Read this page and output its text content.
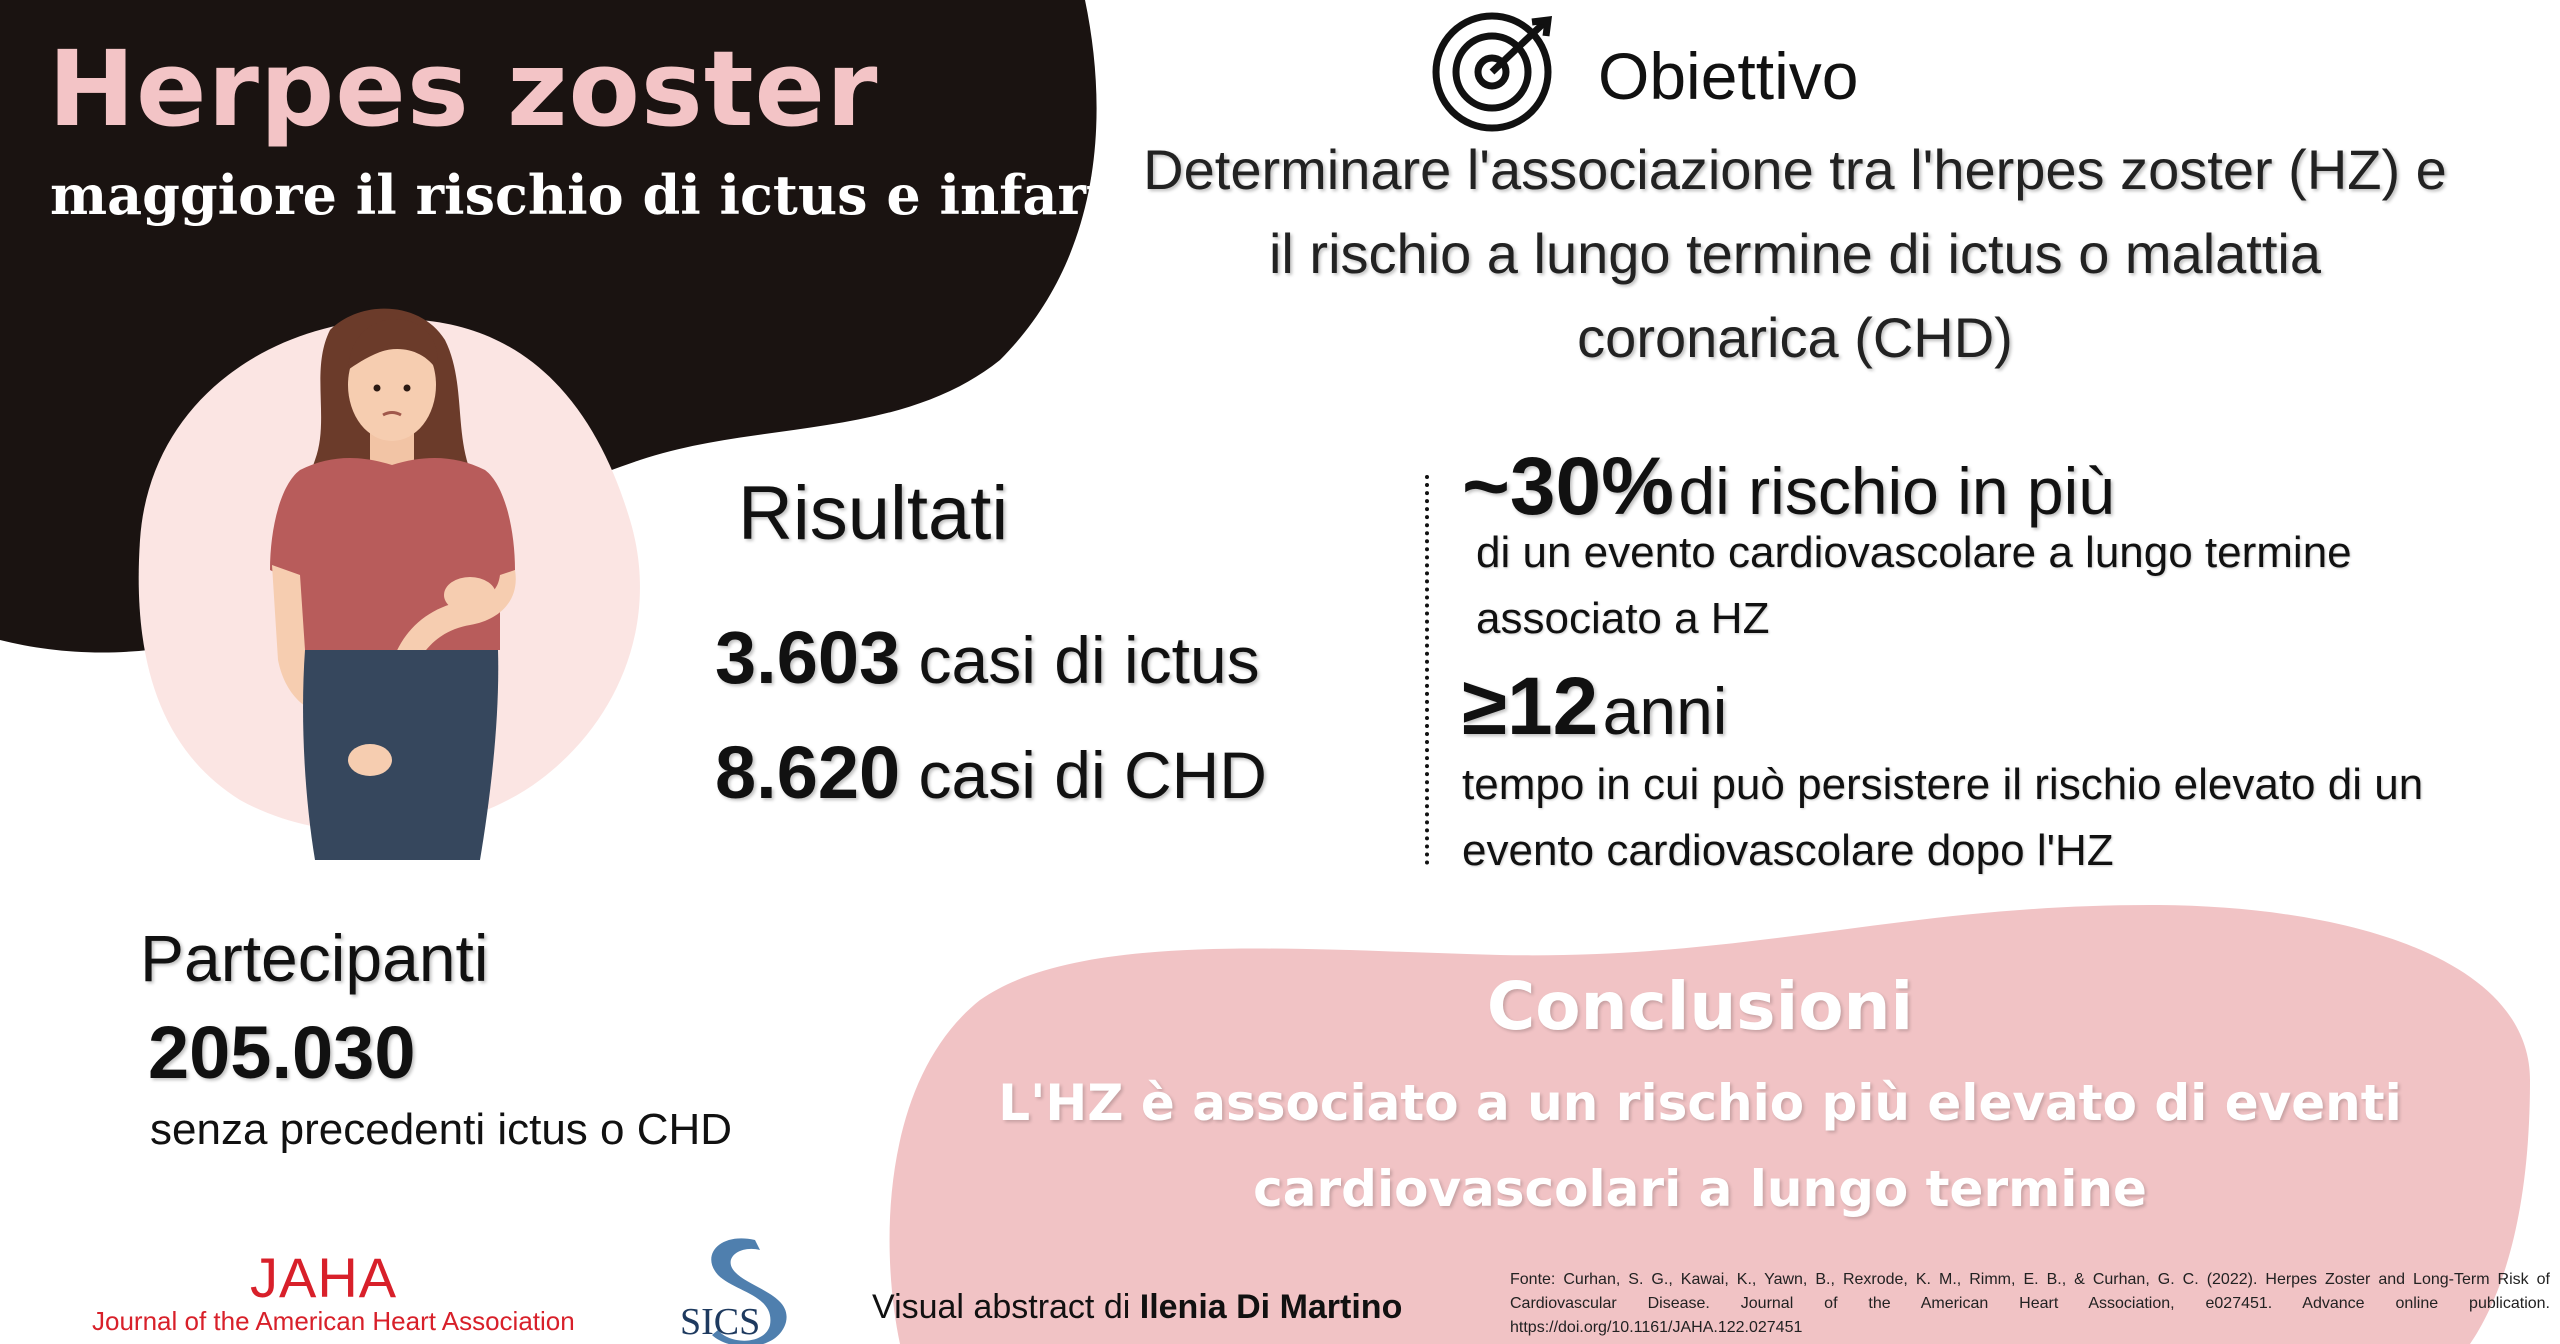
Herpes zoster
maggiore il rischio di ictus e infarto
Obiettivo
Determinare l'associazione tra l'herpes zoster (HZ) e il rischio a lungo termine di ictus o malattia coronarica (CHD)
Risultati
3.603 casi di ictus
8.620 casi di CHD
~30% di rischio in più
di un evento cardiovascolare a lungo termine associato a HZ
≥12 anni
tempo in cui può persistere il rischio elevato di un evento cardiovascolare dopo l'HZ
Partecipanti
205.030
senza precedenti ictus o CHD
Conclusioni
L'HZ è associato a un rischio più elevato di eventi cardiovascolari a lungo termine
JAHA
Journal of the American Heart Association	SICS	Visual abstract di Ilenia Di Martino
Fonte: Curhan, S. G., Kawai, K., Yawn, B., Rexrode, K. M., Rimm, E. B., & Curhan, G. C. (2022). Herpes Zoster and Long-Term Risk of Cardiovascular Disease. Journal of the American Heart Association, e027451. Advance online publication. https://doi.org/10.1161/JAHA.122.027451
